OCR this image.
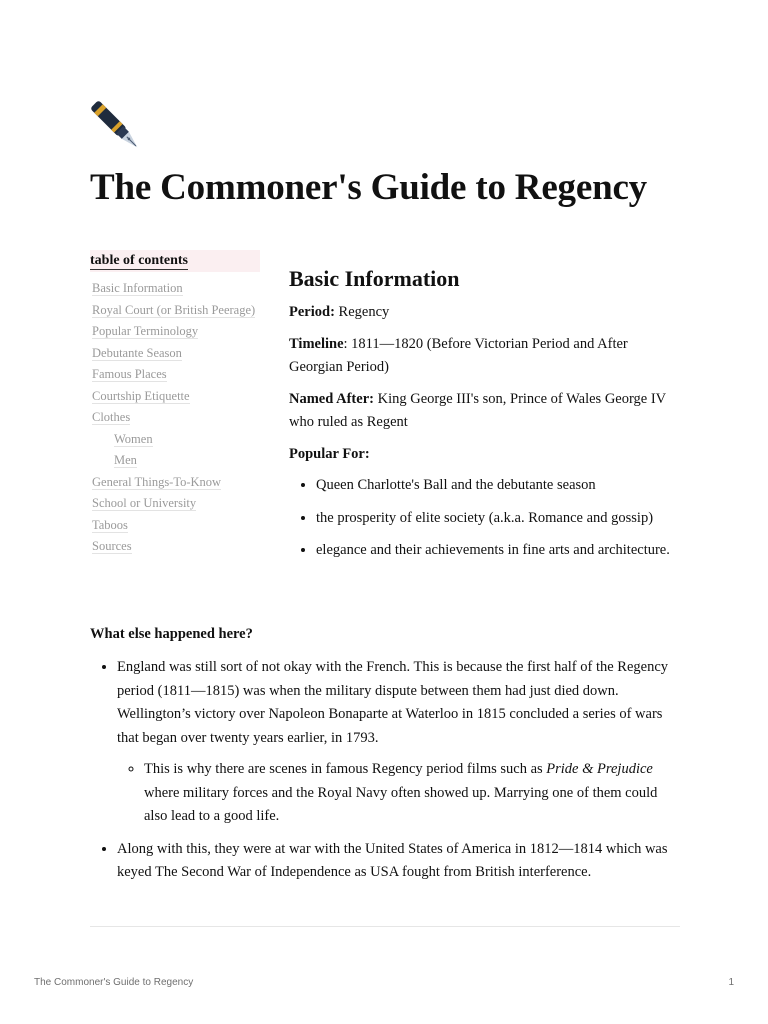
The Commoner's Guide to Regency
table of contents
Basic Information
Royal Court (or British Peerage)
Popular Terminology
Debutante Season
Famous Places
Courtship Etiquette
Clothes
Women
Men
General Things-To-Know
School or University
Taboos
Sources
Basic Information

Period: Regency

Timeline: 1811—1820 (Before Victorian Period and After Georgian Period)

Named After: King George III's son, Prince of Wales George IV who ruled as Regent

Popular For:

• Queen Charlotte's Ball and the debutante season
• the prosperity of elite society (a.k.a. Romance and gossip)
• elegance and their achievements in fine arts and architecture.
What else happened here?
• England was still sort of not okay with the French. This is because the first half of the Regency period (1811—1815) was when the military dispute between them had just died down. Wellington’s victory over Napoleon Bonaparte at Waterloo in 1815 concluded a series of wars that began over twenty years earlier, in 1793.
◦ This is why there are scenes in famous Regency period films such as Pride & Prejudice where military forces and the Royal Navy often showed up. Marrying one of them could also lead to a good life.
• Along with this, they were at war with the United States of America in 1812—1814 which was keyed The Second War of Independence as USA fought from British interference.
The Commoner's Guide to Regency	1
